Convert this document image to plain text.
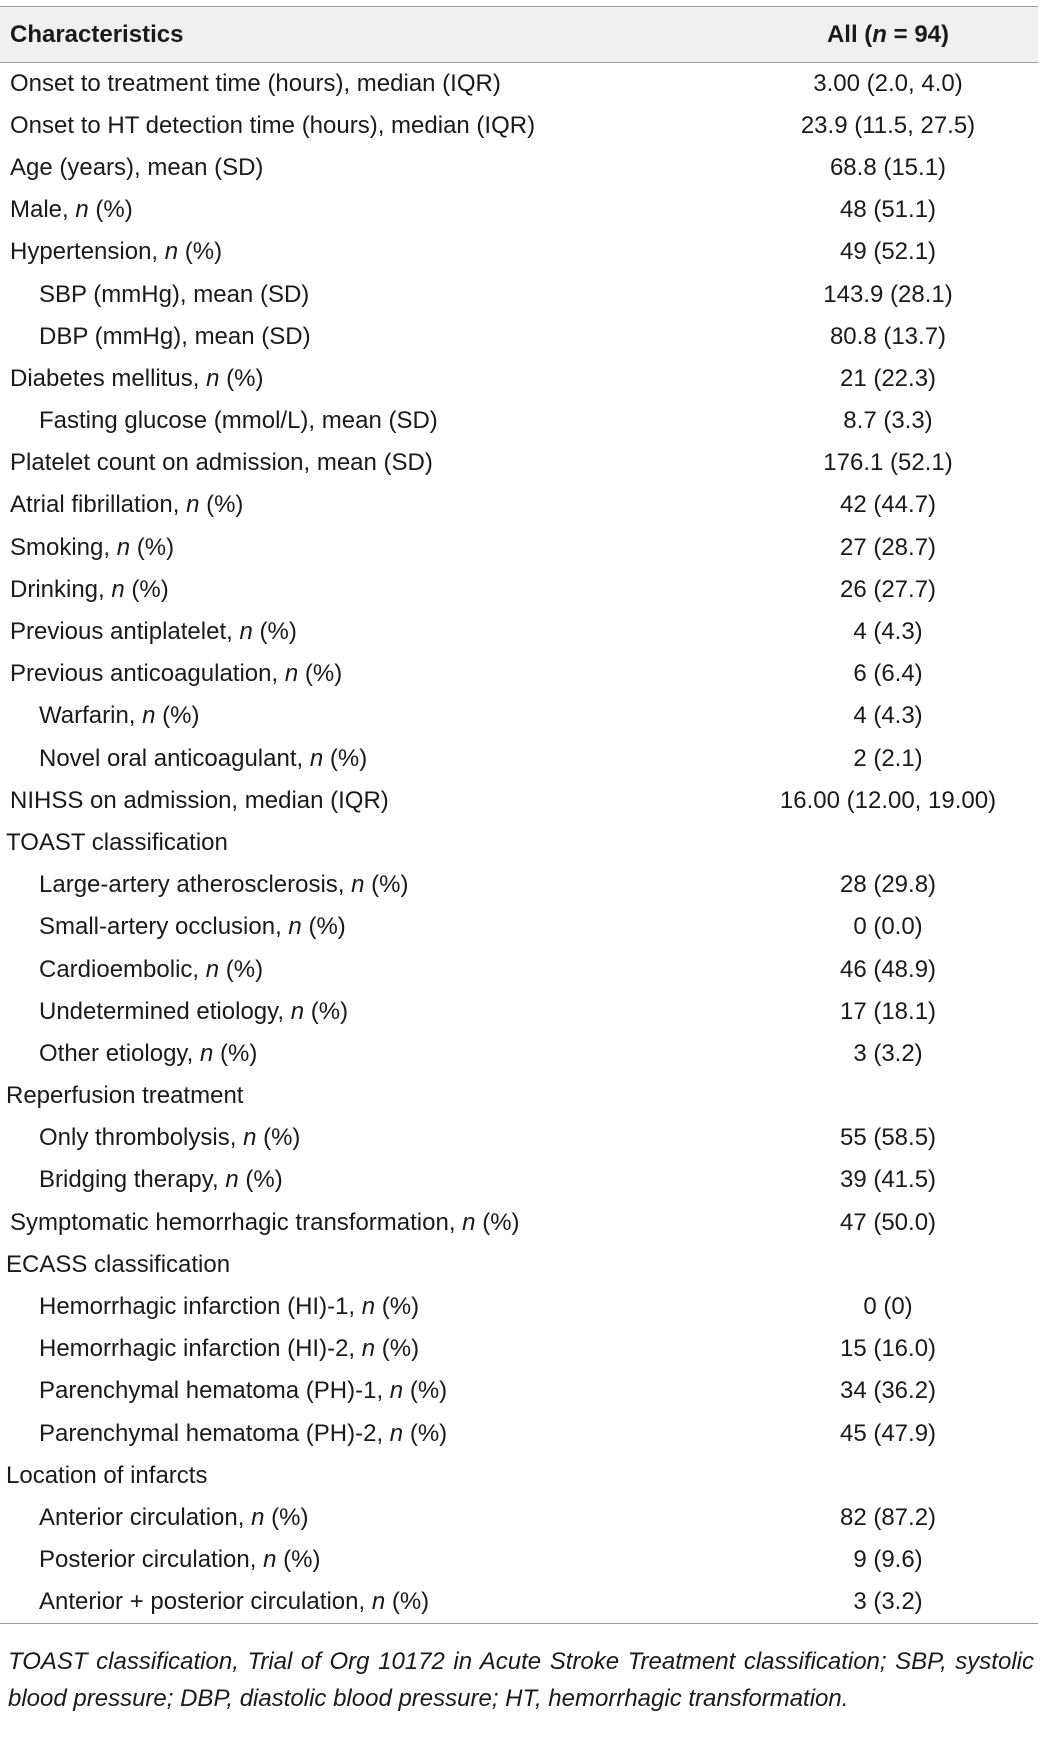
Characteristics	All (n = 94)
Onset to treatment time (hours), median (IQR)	3.00 (2.0, 4.0)
Onset to HT detection time (hours), median (IQR)	23.9 (11.5, 27.5)
Age (years), mean (SD)	68.8 (15.1)
Male, n (%)	48 (51.1)
Hypertension, n (%)	49 (52.1)
SBP (mmHg), mean (SD)	143.9 (28.1)
DBP (mmHg), mean (SD)	80.8 (13.7)
Diabetes mellitus, n (%)	21 (22.3)
Fasting glucose (mmol/L), mean (SD)	8.7 (3.3)
Platelet count on admission, mean (SD)	176.1 (52.1)
Atrial fibrillation, n (%)	42 (44.7)
Smoking, n (%)	27 (28.7)
Drinking, n (%)	26 (27.7)
Previous antiplatelet, n (%)	4 (4.3)
Previous anticoagulation, n (%)	6 (6.4)
Warfarin, n (%)	4 (4.3)
Novel oral anticoagulant, n (%)	2 (2.1)
NIHSS on admission, median (IQR)	16.00 (12.00, 19.00)
TOAST classification	
Large-artery atherosclerosis, n (%)	28 (29.8)
Small-artery occlusion, n (%)	0 (0.0)
Cardioembolic, n (%)	46 (48.9)
Undetermined etiology, n (%)	17 (18.1)
Other etiology, n (%)	3 (3.2)
Reperfusion treatment	
Only thrombolysis, n (%)	55 (58.5)
Bridging therapy, n (%)	39 (41.5)
Symptomatic hemorrhagic transformation, n (%)	47 (50.0)
ECASS classification	
Hemorrhagic infarction (HI)-1, n (%)	0 (0)
Hemorrhagic infarction (HI)-2, n (%)	15 (16.0)
Parenchymal hematoma (PH)-1, n (%)	34 (36.2)
Parenchymal hematoma (PH)-2, n (%)	45 (47.9)
Location of infarcts	
Anterior circulation, n (%)	82 (87.2)
Posterior circulation, n (%)	9 (9.6)
Anterior + posterior circulation, n (%)	3 (3.2)
TOAST classification, Trial of Org 10172 in Acute Stroke Treatment classification; SBP, systolic blood pressure; DBP, diastolic blood pressure; HT, hemorrhagic transformation.
